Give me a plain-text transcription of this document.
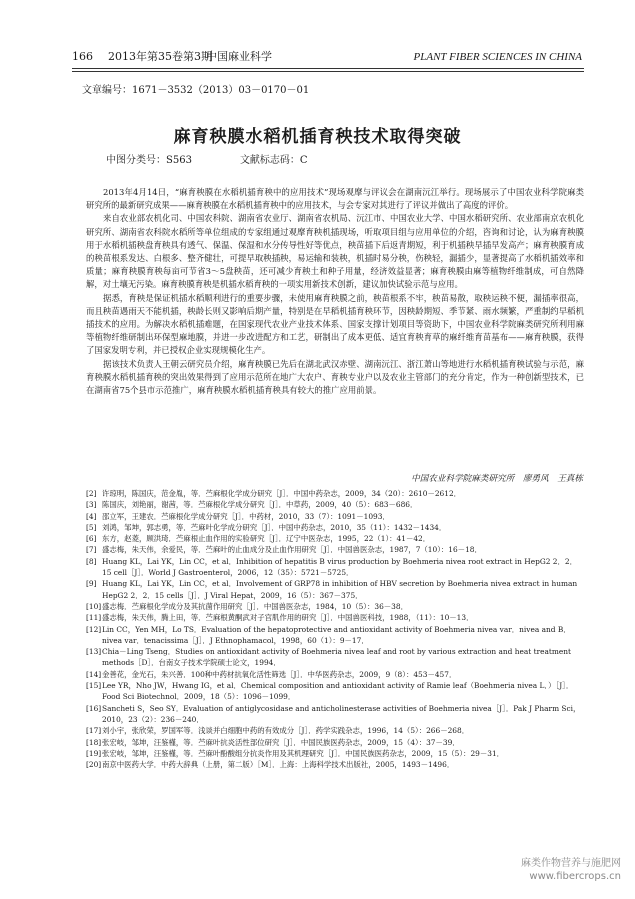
166 2013年第35卷第3期
中国麻业科学	PLANT FIBER SCIENCES IN CHINA
文章编号：1671－3532（2013）03－0170－01
麻育秧膜水稻机插育秧技术取得突破
中图分类号：S563	文献标志码：C

2013年4月14日，“麻育秧膜在水稻机插育秧中的应用技术”现场观摩与评议会在湖南沅江举行。现场展示了中国农业科学院麻类研究所的最新研究成果——麻育秧膜在水稻机插育秧中的应用技术，与会专家对其进行了评议并做出了高度的评价。

来自农业部农机化司、中国农科院、湖南省农业厅、湖南省农机局、沅江市、中国农业大学、中国水稻研究所、农业部南京农机化研究所、湖南省农科院水稻所等单位组成的专家组通过观摩育秧机插现场，听取项目组与应用单位的介绍，咨询和讨论，认为麻育秧膜用于水稻机插秧盘育秧具有透气、保温、保湿和水分传导性好等优点，秧苗插下后返青期短，利于机插秧早插早发高产；麻育秧膜育成的秧苗根系发达、白根多、整齐健壮，可提早取秧插秧，易运输和装秧，机插时易分秧，伤秧轻，漏插少，显著提高了水稻机插效率和质量；麻育秧膜育秧每亩可节省3～5盘秧苗，还可减少育秧土和种子用量，经济效益显著；麻育秧膜由麻等植物纤维制成，可自然降解，对土壤无污染。麻育秧膜育秧是机插水稻育秧的一项实用新技术创新，建议加快试验示范与应用。

据悉，育秧是保证机插水稻顺利进行的重要步骤，未使用麻育秧膜之前，秧苗根系不牢，秧苗易散，取秧运秧不便，漏插率很高，而且秧苗遇雨天不能机插，秧龄长则又影响后期产量，特别是在早稻机插育秧环节，因秧龄期短、季节紧、雨水频繁，严重制约早稻机插技术的应用。为解决水稻机插难题，在国家现代农业产业技术体系、国家支撑计划项目等资助下，中国农业科学院麻类研究所利用麻等植物纤维研制出环保型麻地膜，并进一步改进配方和工艺，研制出了成本更低、适宜育秧育草的麻纤维育苗基布——麻育秧膜，获得了国家发明专利，并已授权企业实现规模化生产。

据该技术负责人王朝云研究员介绍，麻育秧膜已先后在湖北武汉赤壁、湖南沅江、浙江萧山等地进行水稻机插育秧试验与示范，麻育秧膜水稻机插育秧的突出效果得到了应用示范所在地广大农户、育秧专业户以及农业主管部门的充分肯定，作为一种创新型技术，已在湖南省75个县市示范推广，麻育秧膜水稻机插育秧具有较大的推广应用前景。

中国农业科学院麻类研究所　廖勇风　王真栋
[2] 许琼明，陈国庆，范金胤，等．苎麻根化学成分研究［J］．中国中药杂志，2009，34（20）：2610－2612．
[3] 陈国庆，刘艳丽，谢茜，等．苎麻根化学成分研究［J］．中草药，2009，40（5）：683－686．
[4] 邵立军，王建农．苎麻根化学成分研究［J］．中药材，2010，33（7）：1091－1093．
[5] 刘鸿，邹坤，郭志勇，等．苎麻叶化学成分研究［J］．中国中药杂志，2010，35（11）：1432－1434．
[6] 东方，赵菱，顾洪琦．苎麻根止血作用的实验研究［J］．辽宁中医杂志，1995，22（1）：41－42．
[7] 盛志梅，朱天伟，余爱民，等．苎麻叶的止血成分及止血作用研究［J］．中国兽医杂志，1987，7（10）：16－18．
[8] Huang KL，Lai YK，Lin CC，et al．Inhibition of hepatitis B virus production by Boehmeria nivea root extract in HepG2 2．2．15 cell［J］．World J Gastroenterol，2006，12（35）：5721－5725．
[9] Huang KL，Lai YK，Lin CC，et al．Involvement of GRP78 in inhibition of HBV secretion by Boehmeria nivea extract in human HepG2 2．2．15 cells［J］．J Viral Hepat，2009，16（5）：367－375．
[10] 盛志梅．苎麻根化学成分及其抗菌作用研究［J］．中国兽医杂志，1984，10（5）：36－38．
[11] 盛志梅，朱天伟，腾上田，等．苎麻根黄酮武对子宫肌作用的研究［J］．中国兽医科技，1988，（11）：10－13．
[12] Lin CC，Yen MH，Lo TS．Evaluation of the hepatoprotective and antioxidant activity of Boehmeria nivea var．nivea and B．nivea var．tenacissima［J］．J Ethnophamacol，1998，60（1）：9－17．
[13] Chia－Ling Tseng．Studies on antioxidant activity of Boehmeria nivea leaf and root by various extraction and heat treatment methods［D］．台南女子技术学院硕士论文，1994．
[14] 金善花，金光石，朱兴善．100种中药材抗氧化活性筛选［J］．中华医药杂志，2009，9（8）：453－457．
[15] Lee YR，Nho JW，Hwang IG，et al．Chemical composition and antioxidant activity of Ramie leaf（Boehmeria nivea L．）［J］．Food Sci Biotechnol．2009，18（5）：1096－1099．
[16] Sancheti S，Seo SY．Evaluation of antiglycosidase and anticholinesterase activities of Boehmeria nivea［J］．Pak J Pharm Sci，2010，23（2）：236－240．
[17] 刘小宇，张欣荣，罗国军等．浅谈并白细胞中药的有效成分［J］．药学实践杂志，1996，14（5）：266－268．
[18] 张宏岐，邹坤，汪鉴槿，等．苎麻叶抗炎活性部位研究［J］．中国民族医药杂志，2009，15（4）：37－39．
[19] 张宏岐，邹坤，汪鉴槿，等．苎麻叶酚酸组分抗炎作用及其机理研究［J］．中国民族医药杂志，2009，15（5）：29－31．
[20] 南京中医药大学．中药大辞典（上册，第二版）［M］．上海：上海科学技术出版社，2005，1493－1496．
麻类作物营养与施肥网
www.fibercrops.cn
